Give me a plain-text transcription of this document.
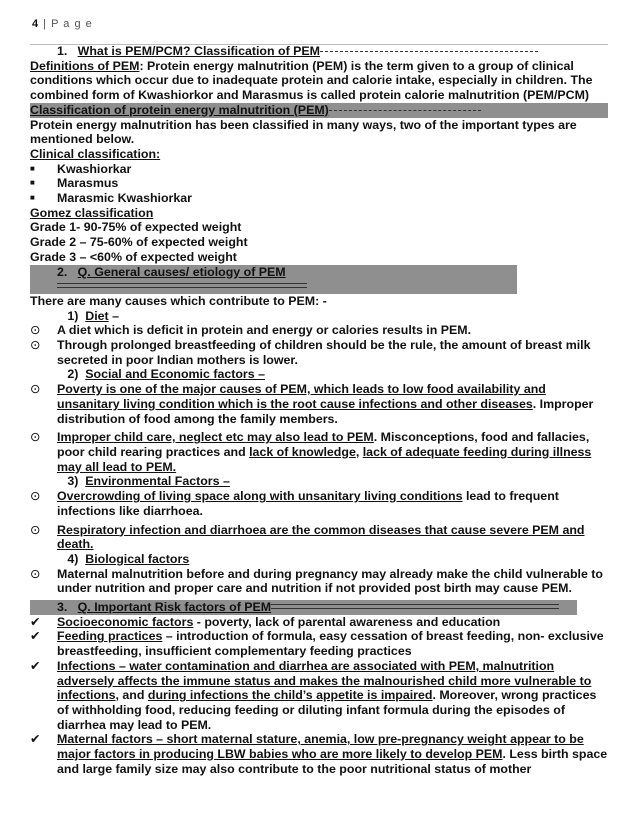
4 | P a g e

1. What is PEM/PCM? Classification of PEM

Definitions of PEM: Protein energy malnutrition (PEM) is the term given to a group of clinical conditions which occur due to inadequate protein and calorie intake, especially in children. The combined form of Kwashiorkor and Marasmus is called protein calorie malnutrition (PEM/PCM)

Classification of protein energy malnutrition (PEM)

Protein energy malnutrition has been classified in many ways, two of the important types are mentioned below.

Clinical classification:

■	Kwashiorkar

■	Marasmus

■	Marasmic Kwashiorkar

Gomez classification

Grade 1- 90-75% of expected weight

Grade 2 – 75-60% of expected weight

Grade 3 – <60% of expected weight

2. Q. General causes/ etiology of PEM

There are many causes which contribute to PEM: -

1) Diet –

⊙	A diet which is deficit in protein and energy or calories results in PEM.

⊙	Through prolonged breastfeeding of children should be the rule, the amount of breast milk secreted in poor Indian mothers is lower.

2) Social and Economic factors –

⊙	Poverty is one of the major causes of PEM, which leads to low food availability and unsanitary living condition which is the root cause infections and other diseases. Improper distribution of food among the family members.

⊙	Improper child care, neglect etc may also lead to PEM. Misconceptions, food and fallacies, poor child rearing practices and lack of knowledge, lack of adequate feeding during illness may all lead to PEM.

3) Environmental Factors –

⊙	Overcrowding of living space along with unsanitary living conditions lead to frequent infections like diarrhoea.

⊙	Respiratory infection and diarrhoea are the common diseases that cause severe PEM and death.

4) Biological factors

⊙	Maternal malnutrition before and during pregnancy may already make the child vulnerable to under nutrition and proper care and nutrition if not provided post birth may cause PEM.

3. Q. Important Risk factors of PEM

✔	Socioeconomic factors - poverty, lack of parental awareness and education

✔	Feeding practices – introduction of formula, easy cessation of breast feeding, non- exclusive breastfeeding, insufficient complementary feeding practices

✔	Infections – water contamination and diarrhea are associated with PEM, malnutrition adversely affects the immune status and makes the malnourished child more vulnerable to infections, and during infections the child’s appetite is impaired. Moreover, wrong practices of withholding food, reducing feeding or diluting infant formula during the episodes of diarrhea may lead to PEM.

✔	Maternal factors – short maternal stature, anemia, low pre-pregnancy weight appear to be major factors in producing LBW babies who are more likely to develop PEM. Less birth space and large family size may also contribute to the poor nutritional status of mother
